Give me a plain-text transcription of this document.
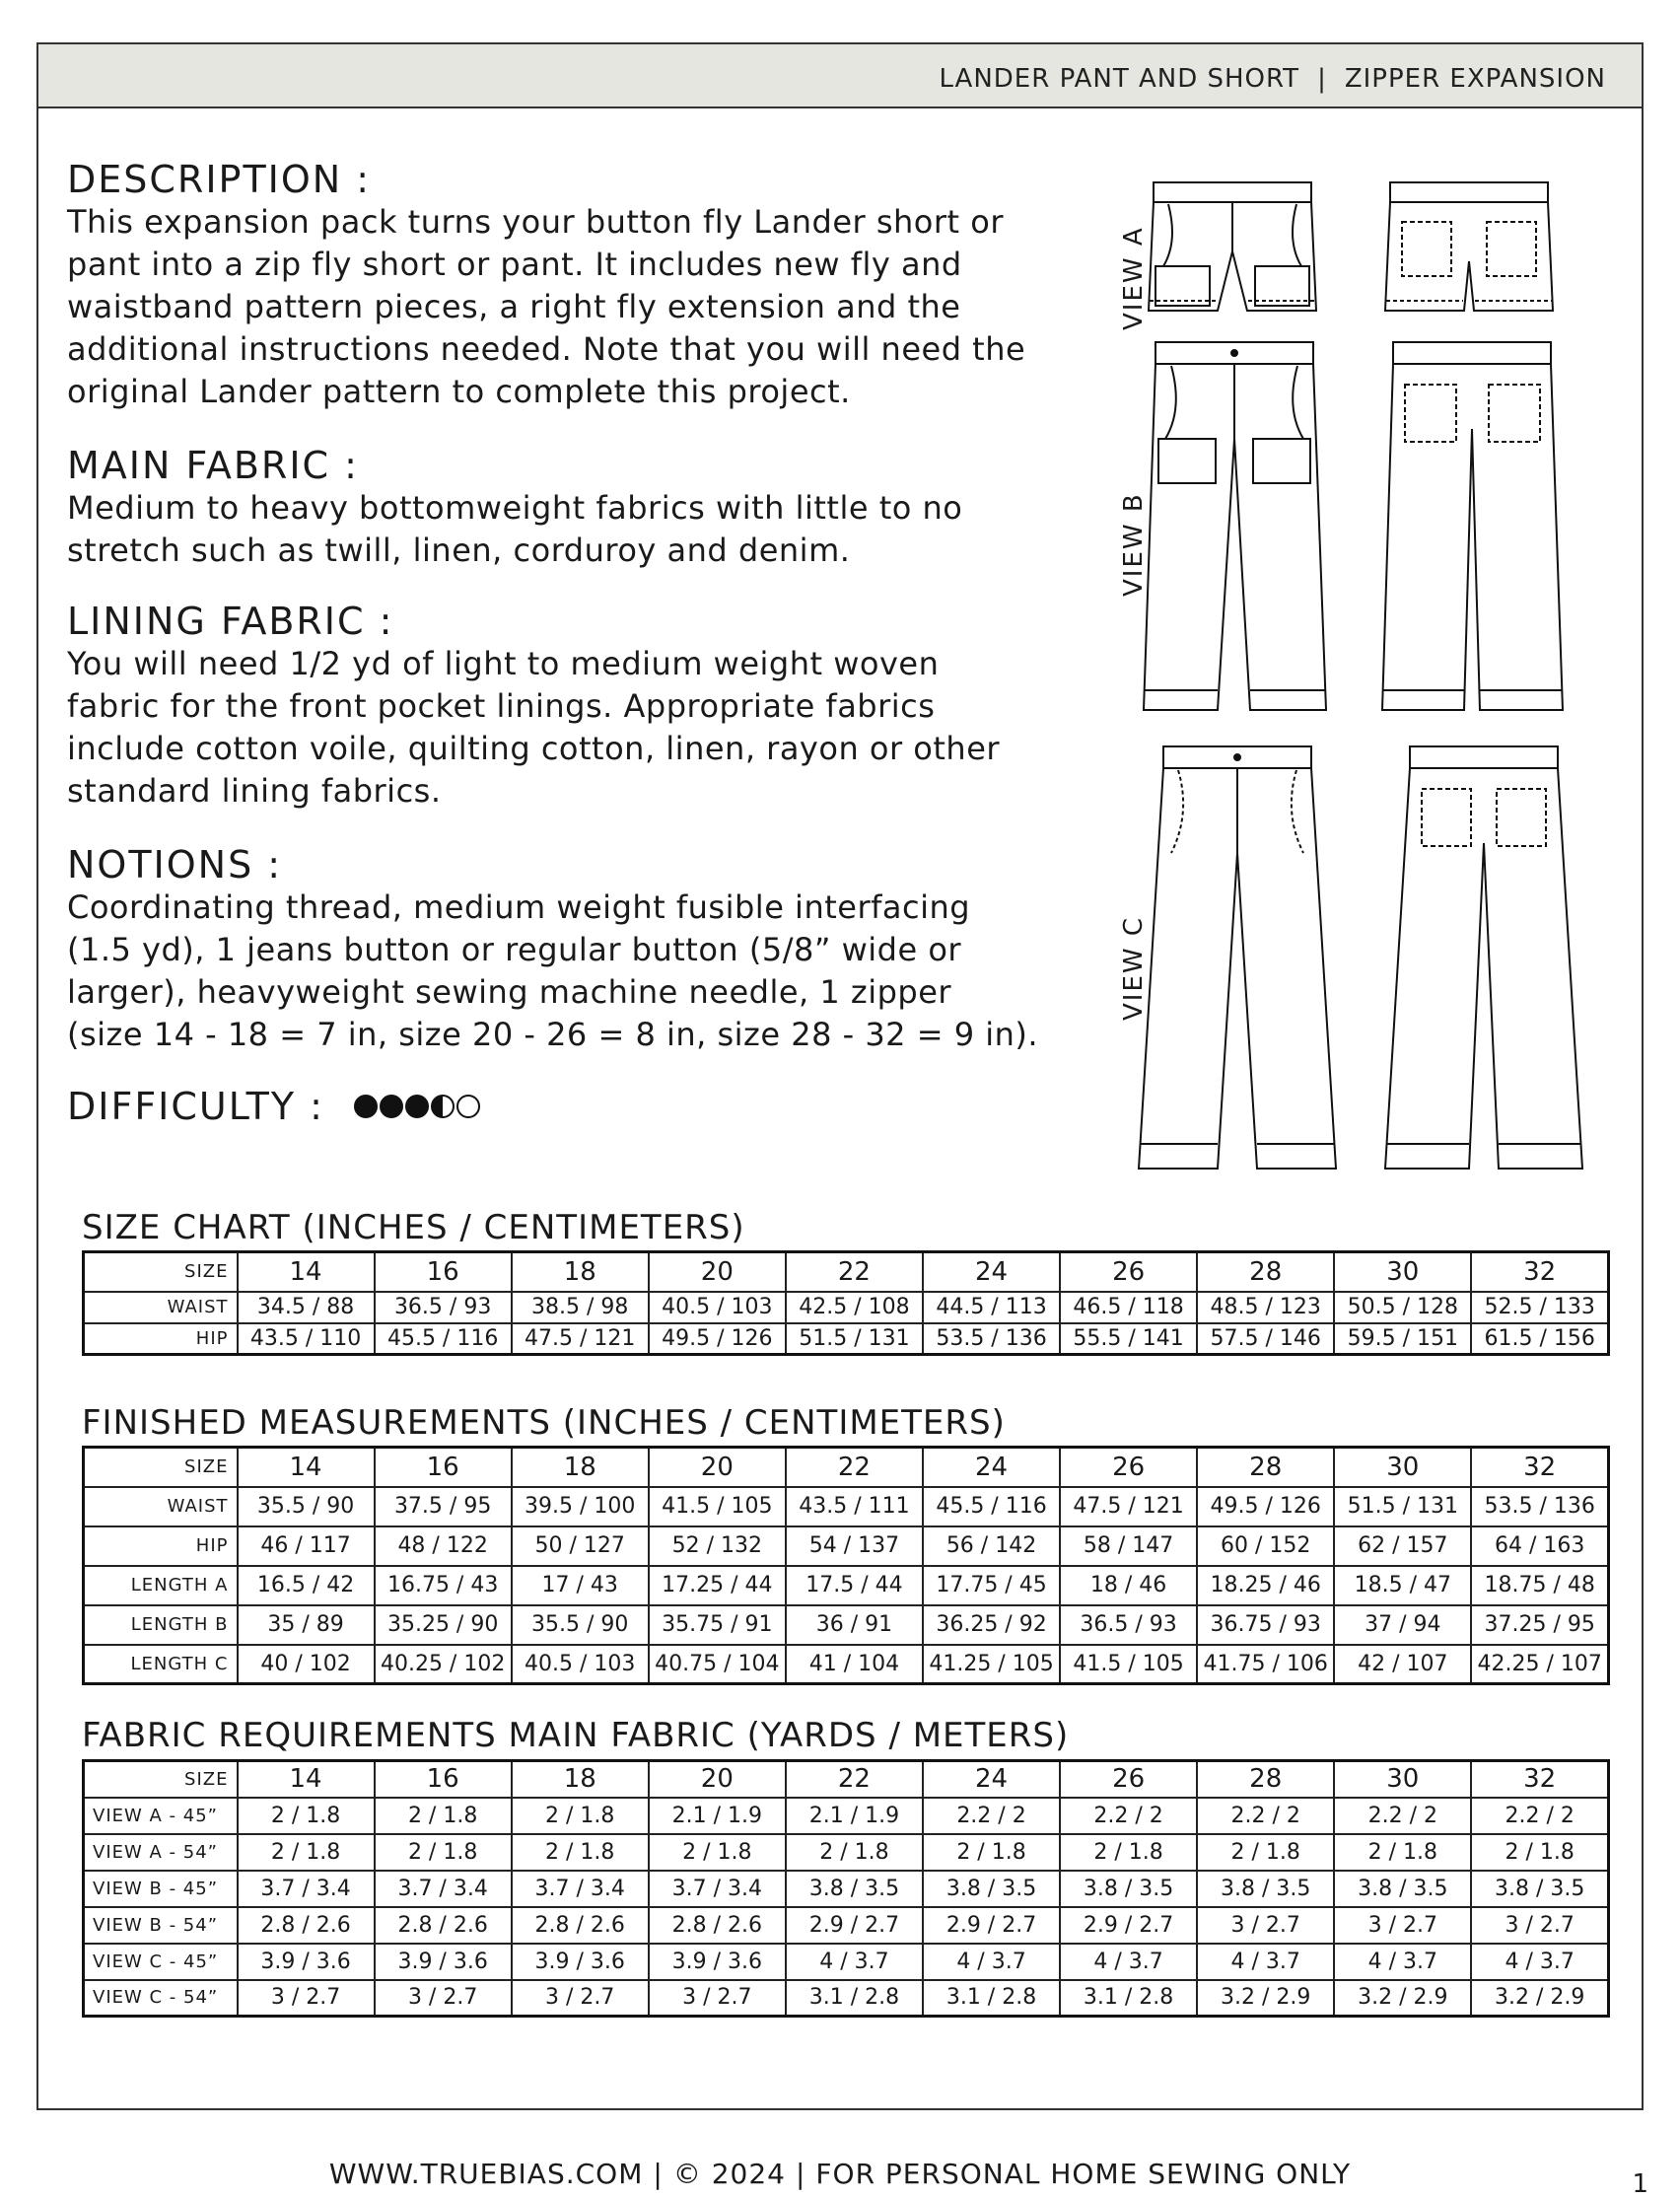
LANDER PANT AND SHORT | ZIPPER EXPANSION
DESCRIPTION :

This expansion pack turns your button fly Lander short or
pant into a zip fly short or pant. It includes new fly and
waistband pattern pieces, a right fly extension and the
additional instructions needed. Note that you will need the
original Lander pattern to complete this project.

MAIN FABRIC :

Medium to heavy bottomweight fabrics with little to no
stretch such as twill, linen, corduroy and denim.

LINING FABRIC :

You will need 1/2 yd of light to medium weight woven
fabric for the front pocket linings. Appropriate fabrics
include cotton voile, quilting cotton, linen, rayon or other
standard lining fabrics.

NOTIONS :

Coordinating thread, medium weight fusible interfacing
(1.5 yd), 1 jeans button or regular button (5/8” wide or
larger), heavyweight sewing machine needle, 1 zipper
(size 14 - 18 = 7 in, size 20 - 26 = 8 in, size 28 - 32 = 9 in).

DIFFICULTY :
VIEW A
VIEW B
VIEW C
SIZE CHART (INCHES / CENTIMETERS)
SIZE	14	16	18	20	22	24	26	28	30	32
WAIST	34.5 / 88	36.5 / 93	38.5 / 98	40.5 / 103	42.5 / 108	44.5 / 113	46.5 / 118	48.5 / 123	50.5 / 128	52.5 / 133
HIP	43.5 / 110	45.5 / 116	47.5 / 121	49.5 / 126	51.5 / 131	53.5 / 136	55.5 / 141	57.5 / 146	59.5 / 151	61.5 / 156
FINISHED MEASUREMENTS (INCHES / CENTIMETERS)
SIZE	14	16	18	20	22	24	26	28	30	32
WAIST	35.5 / 90	37.5 / 95	39.5 / 100	41.5 / 105	43.5 / 111	45.5 / 116	47.5 / 121	49.5 / 126	51.5 / 131	53.5 / 136
HIP	46 / 117	48 / 122	50 / 127	52 / 132	54 / 137	56 / 142	58 / 147	60 / 152	62 / 157	64 / 163
LENGTH A	16.5 / 42	16.75 / 43	17 / 43	17.25 / 44	17.5 / 44	17.75 / 45	18 / 46	18.25 / 46	18.5 / 47	18.75 / 48
LENGTH B	35 / 89	35.25 / 90	35.5 / 90	35.75 / 91	36 / 91	36.25 / 92	36.5 / 93	36.75 / 93	37 / 94	37.25 / 95
LENGTH C	40 / 102	40.25 / 102	40.5 / 103	40.75 / 104	41 / 104	41.25 / 105	41.5 / 105	41.75 / 106	42 / 107	42.25 / 107
FABRIC REQUIREMENTS MAIN FABRIC (YARDS / METERS)
SIZE	14	16	18	20	22	24	26	28	30	32
VIEW A - 45”	2 / 1.8	2 / 1.8	2 / 1.8	2.1 / 1.9	2.1 / 1.9	2.2 / 2	2.2 / 2	2.2 / 2	2.2 / 2	2.2 / 2
VIEW A - 54”	2 / 1.8	2 / 1.8	2 / 1.8	2 / 1.8	2 / 1.8	2 / 1.8	2 / 1.8	2 / 1.8	2 / 1.8	2 / 1.8
VIEW B - 45”	3.7 / 3.4	3.7 / 3.4	3.7 / 3.4	3.7 / 3.4	3.8 / 3.5	3.8 / 3.5	3.8 / 3.5	3.8 / 3.5	3.8 / 3.5	3.8 / 3.5
VIEW B - 54”	2.8 / 2.6	2.8 / 2.6	2.8 / 2.6	2.8 / 2.6	2.9 / 2.7	2.9 / 2.7	2.9 / 2.7	3 / 2.7	3 / 2.7	3 / 2.7
VIEW C - 45”	3.9 / 3.6	3.9 / 3.6	3.9 / 3.6	3.9 / 3.6	4 / 3.7	4 / 3.7	4 / 3.7	4 / 3.7	4 / 3.7	4 / 3.7
VIEW C - 54”	3 / 2.7	3 / 2.7	3 / 2.7	3 / 2.7	3.1 / 2.8	3.1 / 2.8	3.1 / 2.8	3.2 / 2.9	3.2 / 2.9	3.2 / 2.9
WWW.TRUEBIAS.COM | © 2024 | FOR PERSONAL HOME SEWING ONLY	1
